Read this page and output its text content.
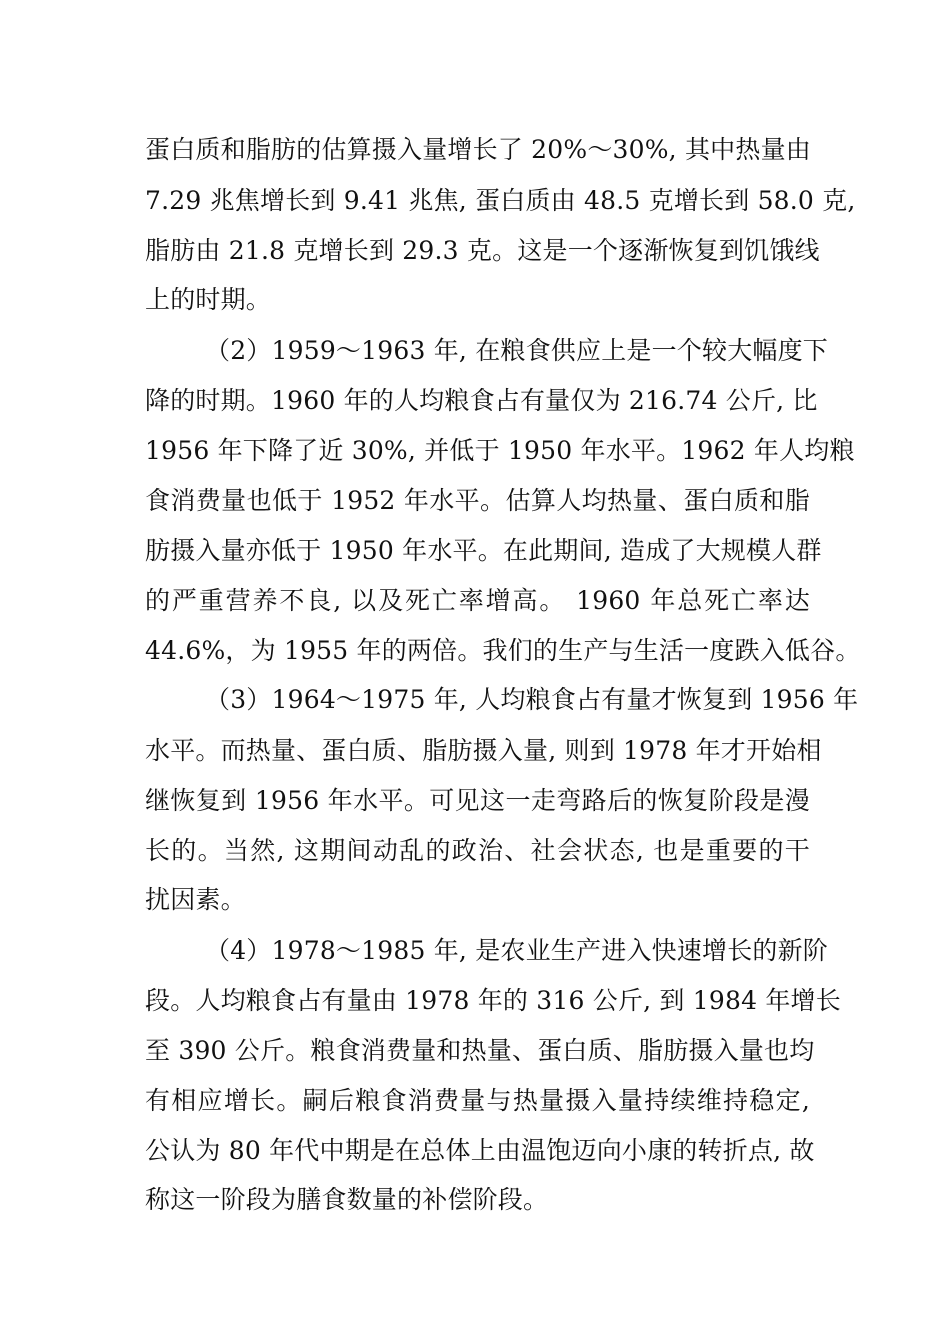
蛋白质和脂肪的估算摄入量增长了 20%～30%, 其中热量由
7.29 兆焦增长到 9.41 兆焦, 蛋白质由 48.5 克增长到 58.0 克,
脂肪由 21.8 克增长到 29.3 克。这是一个逐渐恢复到饥饿线
上的时期。
（2）1959～1963 年, 在粮食供应上是一个较大幅度下
降的时期。1960 年的人均粮食占有量仅为 216.74 公斤, 比
1956 年下降了近 30%, 并低于 1950 年水平。1962 年人均粮
食消费量也低于 1952 年水平。估算人均热量、蛋白质和脂
肪摄入量亦低于 1950 年水平。在此期间, 造成了大规模人群
的严重营养不良, 以及死亡率增高。 1960 年总死亡率达
44.6%，为 1955 年的两倍。我们的生产与生活一度跌入低谷。
（3）1964～1975 年, 人均粮食占有量才恢复到 1956 年
水平。而热量、蛋白质、脂肪摄入量, 则到 1978 年才开始相
继恢复到 1956 年水平。可见这一走弯路后的恢复阶段是漫
长的。当然, 这期间动乱的政治、社会状态, 也是重要的干
扰因素。
（4）1978～1985 年, 是农业生产进入快速增长的新阶
段。人均粮食占有量由 1978 年的 316 公斤, 到 1984 年增长
至 390 公斤。粮食消费量和热量、蛋白质、脂肪摄入量也均
有相应增长。嗣后粮食消费量与热量摄入量持续维持稳定,
公认为 80 年代中期是在总体上由温饱迈向小康的转折点, 故
称这一阶段为膳食数量的补偿阶段。
